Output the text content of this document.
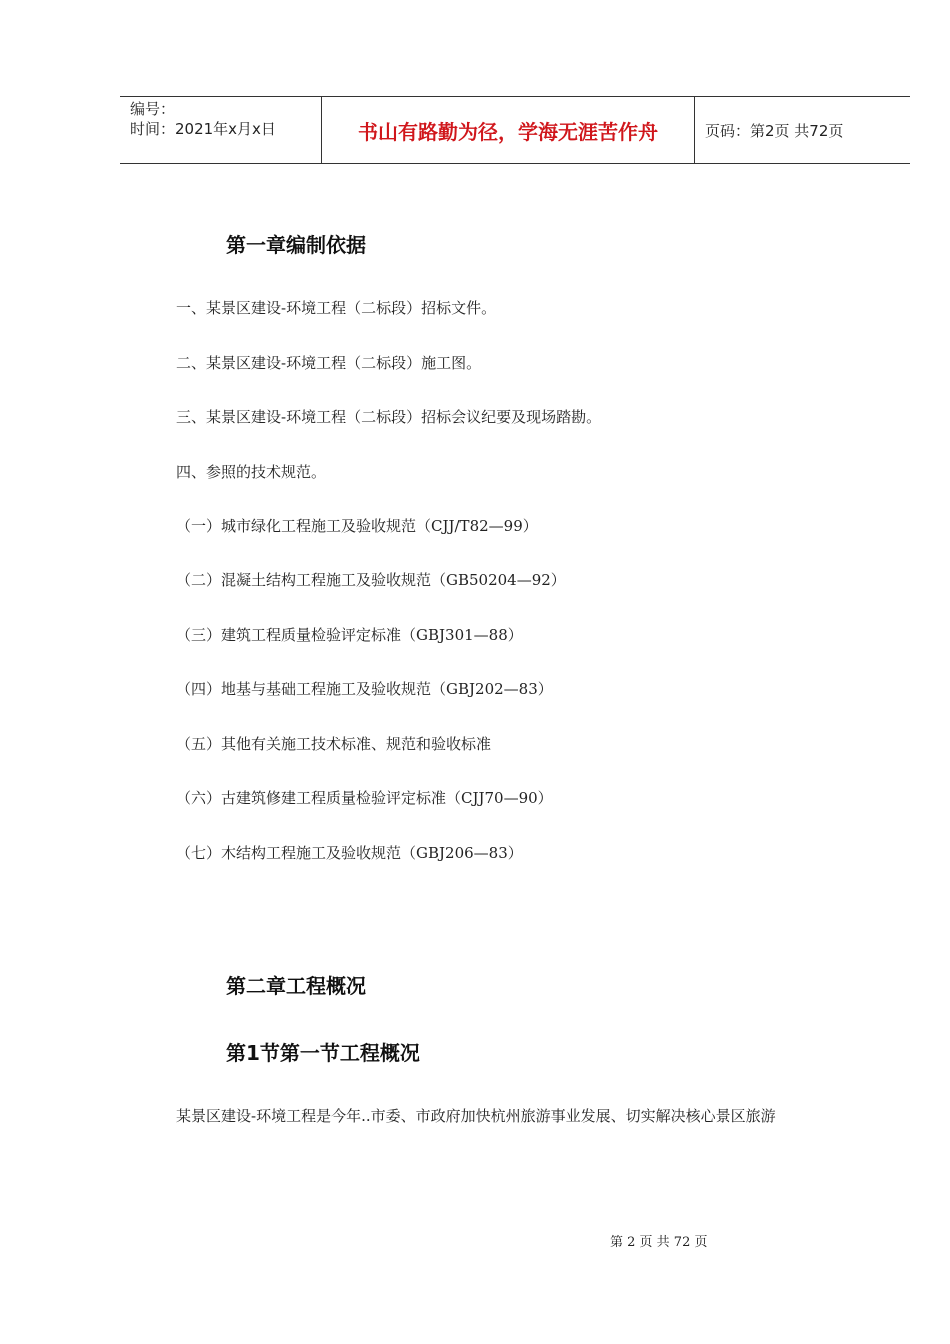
编号：
时间：2021年x月x日	书山有路勤为径，学海无涯苦作舟	页码：第2页 共72页
第一章编制依据
一、某景区建设-环境工程（二标段）招标文件。
二、某景区建设-环境工程（二标段）施工图。
三、某景区建设-环境工程（二标段）招标会议纪要及现场踏勘。
四、参照的技术规范。
（一）城市绿化工程施工及验收规范（CJJ/T82—99）
（二）混凝土结构工程施工及验收规范（GB50204—92）
（三）建筑工程质量检验评定标准（GBJ301—88）
（四）地基与基础工程施工及验收规范（GBJ202—83）
（五）其他有关施工技术标准、规范和验收标准
（六）古建筑修建工程质量检验评定标准（CJJ70—90）
（七）木结构工程施工及验收规范（GBJ206—83）
第二章工程概况
第1节第一节工程概况
某景区建设-环境工程是今年..市委、市政府加快杭州旅游事业发展、切实解决核心景区旅游
第 2 页 共 72 页
